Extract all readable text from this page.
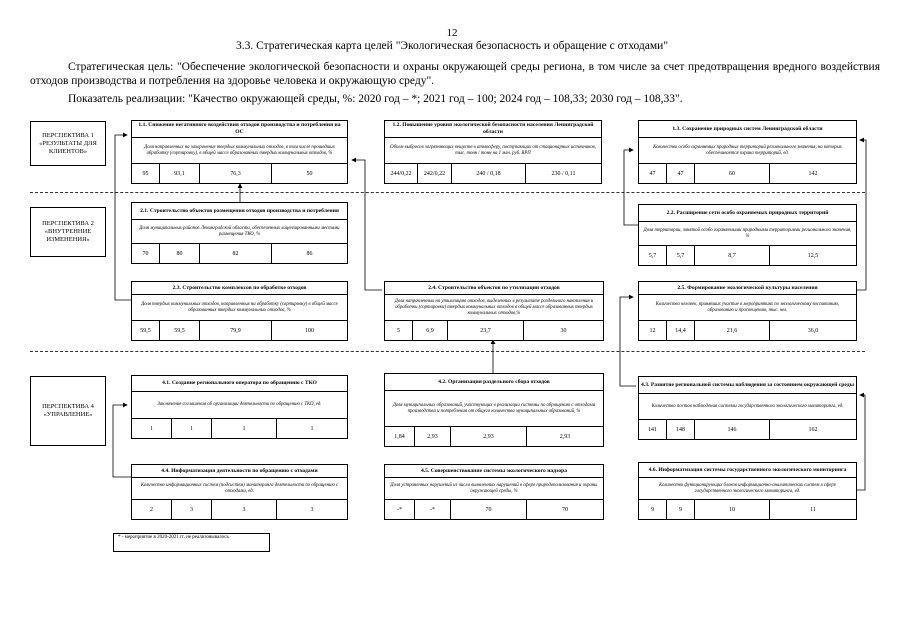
12
3.3. Стратегическая карта целей "Экологическая безопасность и обращение с отходами"
Стратегическая цель: "Обеспечение экологической безопасности и охраны окружающей среды региона, в том числе за счет предотвращения вредного воздействия отходов производства и потребления на здоровье человека и окружающую среду".
Показатель реализации: "Качество окружающей среды, %: 2020 год – *; 2021 год – 100; 2024 год – 108,33; 2030 год – 108,33".
ПЕРСПЕКТИВА 1 «РЕЗУЛЬТАТЫ ДЛЯ КЛИЕНТОВ»
ПЕРСПЕКТИВА 2 «ВНУТРЕННИЕ ИЗМЕНЕНИЯ»
ПЕРСПЕКТИВА 4 «УПРАВЛЕНИЕ»
1.1. Снижение негативного воздействия отходов производства и потребления на ОС
Доля направленных на захоронение твердых коммунальных отходов, в том числе прошедших обработку (сортировку), в общей массе образованных твердых коммунальных отходов, %
95	93,1	76,3	50
1.2. Повышение уровня экологической безопасности населения Ленинградской области
Объем выбросов загрязняющих веществ в атмосферу, поступающих от стационарных источников, тыс. тонн / тонн на 1 млн. руб. ВРП
244/0,22	242/0,22	240 / 0,18	230 / 0,11
1.3. Сохранение природных систем Ленинградской области
Количество особо охраняемых природных территорий регионального значения, на которых обеспечивается охрана территорий, ед.
47	47	60	142
2.1. Строительство объектов размещения отходов производства и потребления
Доля муниципальных районов Ленинградской области, обеспеченных лицензированными местами размещения ТКО, %
70	80	82	86
2.2. Расширение сети особо охраняемых природных территорий
Доля территории, занятой особо охраняемыми природными территориями регионального значения, %
5,7	5,7	8,7	12,5
2.3. Строительство комплексов по обработке отходов
Доля твердых коммунальных отходов, направленных на обработку (сортировку) в общей массе образованных твердых коммунальных отходов, %
59,5	59,5	79,9	100
2.4. Строительство объектов по утилизации отходов
Доля направленных на утилизацию отходов, выделенных в результате раздельного накопления и обработки (сортировки) твердых коммунальных отходов в общей массе образованных твердых коммунальных отходов,%
5	6,9	23,7	30
2.5. Формирование экологической культуры населения
Количество человек, принявших участие в мероприятиях по экологическому воспитанию, образованию и просвещению, тыс. чел.
12	14,4	21,6	36,0
4.1. Создание регионального оператора по обращению с ТКО
Заключение соглашения об организации деятельности по обращению с ТКО, ед.
1	1	1	1
4.2. Организация раздельного сбора отходов
Доля муниципальных образований, участвующих в реализации системы по обращению с отходами производства и потребления от общего количества муниципальных образований, %
1,84	2,93	2,93	2,93
4.3. Развитие региональной системы наблюдения за состоянием окружающей среды
Количество постов наблюдения системы государственного экологического мониторинга, ед.
141	148	146	162
4.4. Информатизация деятельности по обращению с отходами
Количество информационных систем (подсистем) мониторинга деятельности по обращению с отходами, ед.
2	3	3	3
4.5. Совершенствование системы экологического надзора
Доля устраненных нарушений из числа выявленных нарушений в сфере природопользования и охраны окружающей среды, %
-*	-*	70	70
4.6. Информатизация системы государственного экологического мониторинга
Количество функционирующих блоков информационно-аналитических систем в сфере государственного экологического мониторинга, ед.
9	9	10	11
* - мероприятие в 2020-2021 гг. не реализовывалось
